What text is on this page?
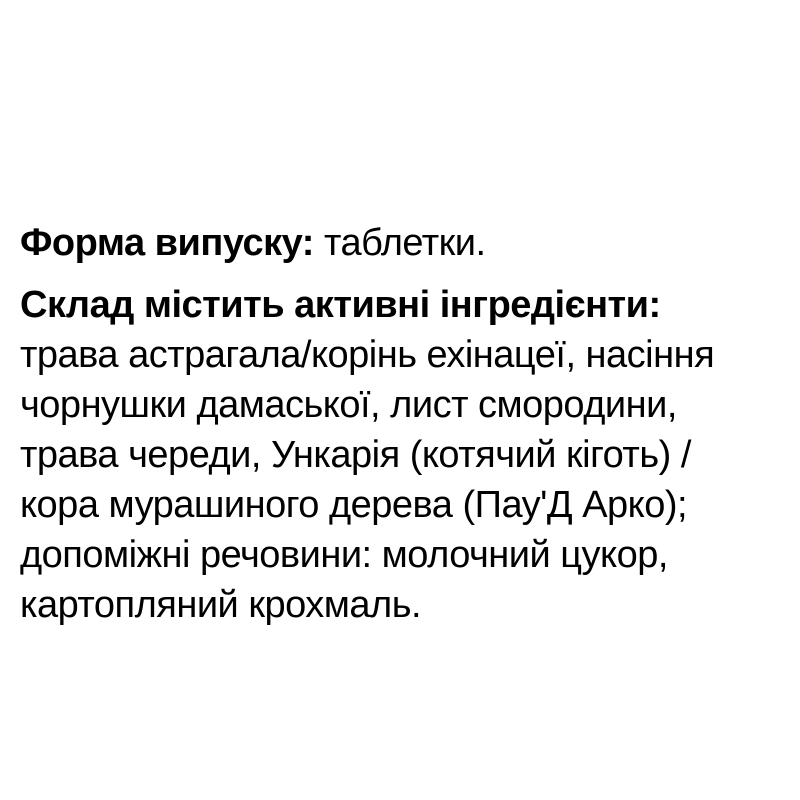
Форма випуску: таблетки.

Склад містить активні інгредієнти:
трава астрагала/корінь ехінацеї, насіння
чорнушки дамаської, лист смородини,
трава череди, Ункарія (котячий кіготь) /
кора мурашиного дерева (Пау'Д Арко);
допоміжні речовини: молочний цукор,
картопляний крохмаль.
